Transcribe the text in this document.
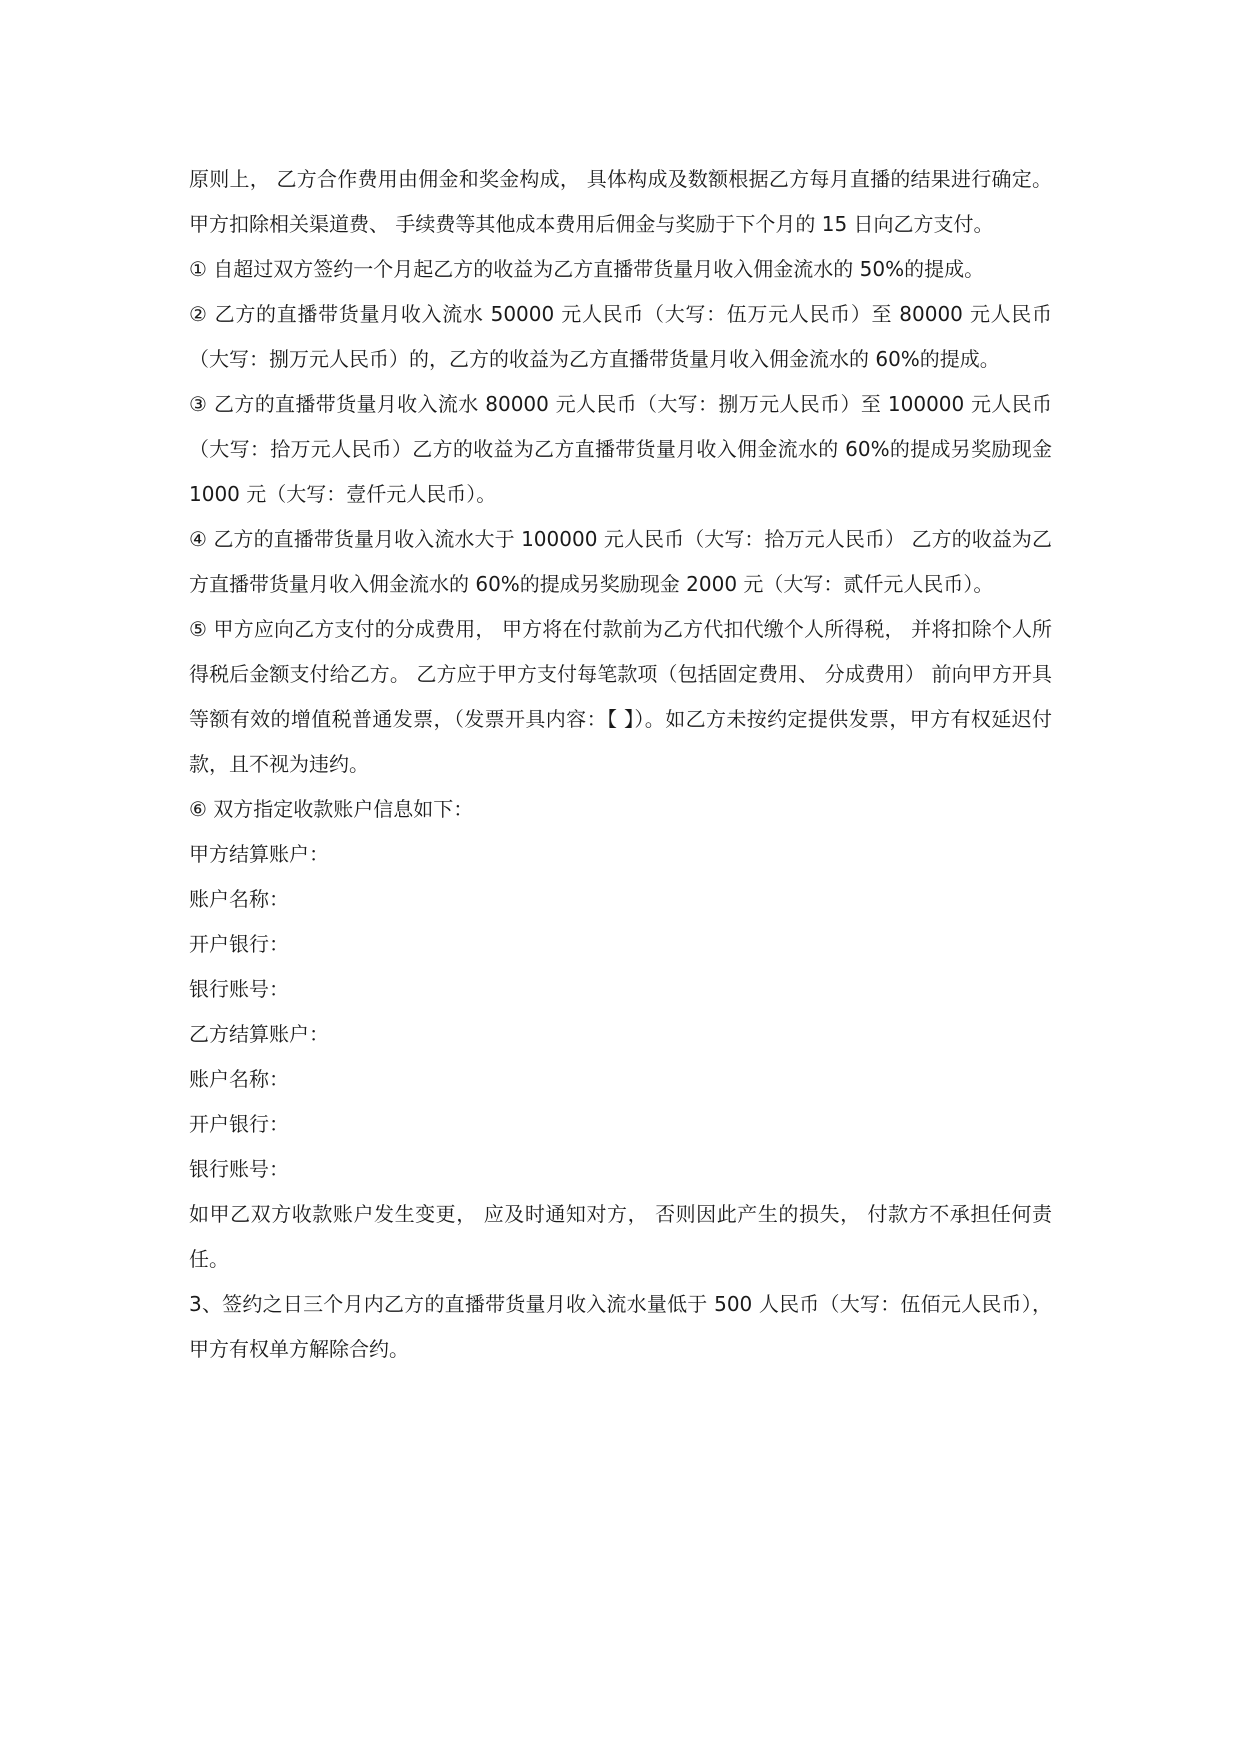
原则上， 乙方合作费用由佣金和奖金构成， 具体构成及数额根据乙方每月直播的结果进行确定。 甲方扣除相关渠道费、 手续费等其他成本费用后佣金与奖励于下个月的 15 日向乙方支付。

① 自超过双方签约一个月起乙方的收益为乙方直播带货量月收入佣金流水的 50%的提成。

② 乙方的直播带货量月收入流水 50000 元人民币（大写：伍万元人民币）至 80000 元人民币（大写：捌万元人民币）的，乙方的收益为乙方直播带货量月收入佣金流水的 60%的提成。

③ 乙方的直播带货量月收入流水 80000 元人民币（大写：捌万元人民币）至 100000 元人民币（大写：拾万元人民币）乙方的收益为乙方直播带货量月收入佣金流水的 60%的提成另奖励现金 1000 元（大写：壹仟元人民币）。

④ 乙方的直播带货量月收入流水大于 100000 元人民币（大写：拾万元人民币） 乙方的收益为乙方直播带货量月收入佣金流水的 60%的提成另奖励现金 2000 元（大写：贰仟元人民币）。

⑤ 甲方应向乙方支付的分成费用， 甲方将在付款前为乙方代扣代缴个人所得税， 并将扣除个人所得税后金额支付给乙方。 乙方应于甲方支付每笔款项（包括固定费用、 分成费用） 前向甲方开具等额有效的增值税普通发票，（发票开具内容：【 】）。如乙方未按约定提供发票，甲方有权延迟付款，且不视为违约。

⑥ 双方指定收款账户信息如下：

甲方结算账户：

账户名称：

开户银行：

银行账号：

乙方结算账户：

账户名称：

开户银行：

银行账号：

如甲乙双方收款账户发生变更， 应及时通知对方， 否则因此产生的损失， 付款方不承担任何责任。

3、签约之日三个月内乙方的直播带货量月收入流水量低于 500 人民币（大写：伍佰元人民币），甲方有权单方解除合约。
